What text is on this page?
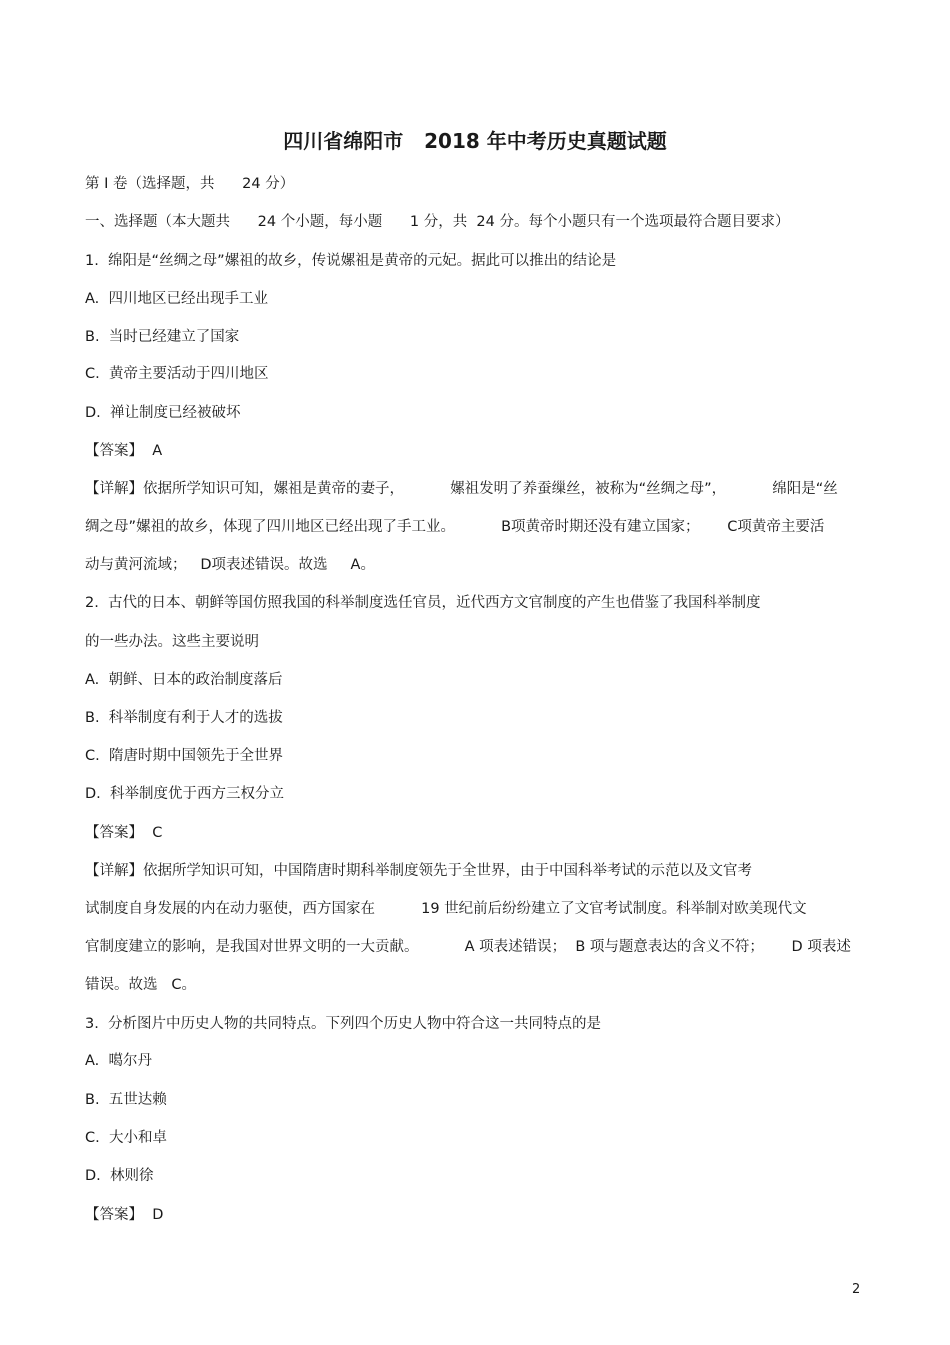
四川省绵阳市   2018 年中考历史真题试题

第 I 卷（选择题，共      24 分）

一、选择题（本大题共      24 个小题，每小题      1 分，共  24 分。每个小题只有一个选项最符合题目要求）

1.  绵阳是“丝绸之母”嫘祖的故乡，传说嫘祖是黄帝的元妃。据此可以推出的结论是

A.  四川地区已经出现手工业

B.  当时已经建立了国家

C.  黄帝主要活动于四川地区

D.  禅让制度已经被破坏

【答案】  A

【详解】依据所学知识可知，嫘祖是黄帝的妻子，          嫘祖发明了养蚕缫丝，被称为“丝绸之母”，          绵阳是“丝

绸之母”嫘祖的故乡，体现了四川地区已经出现了手工业。          B项黄帝时期还没有建立国家；      C项黄帝主要活

动与黄河流域；   D项表述错误。故选     A。

2.  古代的日本、朝鲜等国仿照我国的科举制度选任官员，近代西方文官制度的产生也借鉴了我国科举制度

的一些办法。这些主要说明

A.  朝鲜、日本的政治制度落后

B.  科举制度有利于人才的选拔

C.  隋唐时期中国领先于全世界

D.  科举制度优于西方三权分立

【答案】  C

【详解】依据所学知识可知，中国隋唐时期科举制度领先于全世界，由于中国科举考试的示范以及文官考

试制度自身发展的内在动力驱使，西方国家在          19 世纪前后纷纷建立了文官考试制度。科举制对欧美现代文

官制度建立的影响，是我国对世界文明的一大贡献。          A 项表述错误；  B 项与题意表达的含义不符；      D 项表述

错误。故选   C。

3.  分析图片中历史人物的共同特点。下列四个历史人物中符合这一共同特点的是

A.  噶尔丹

B.  五世达赖

C.  大小和卓

D.  林则徐

【答案】  D

2
